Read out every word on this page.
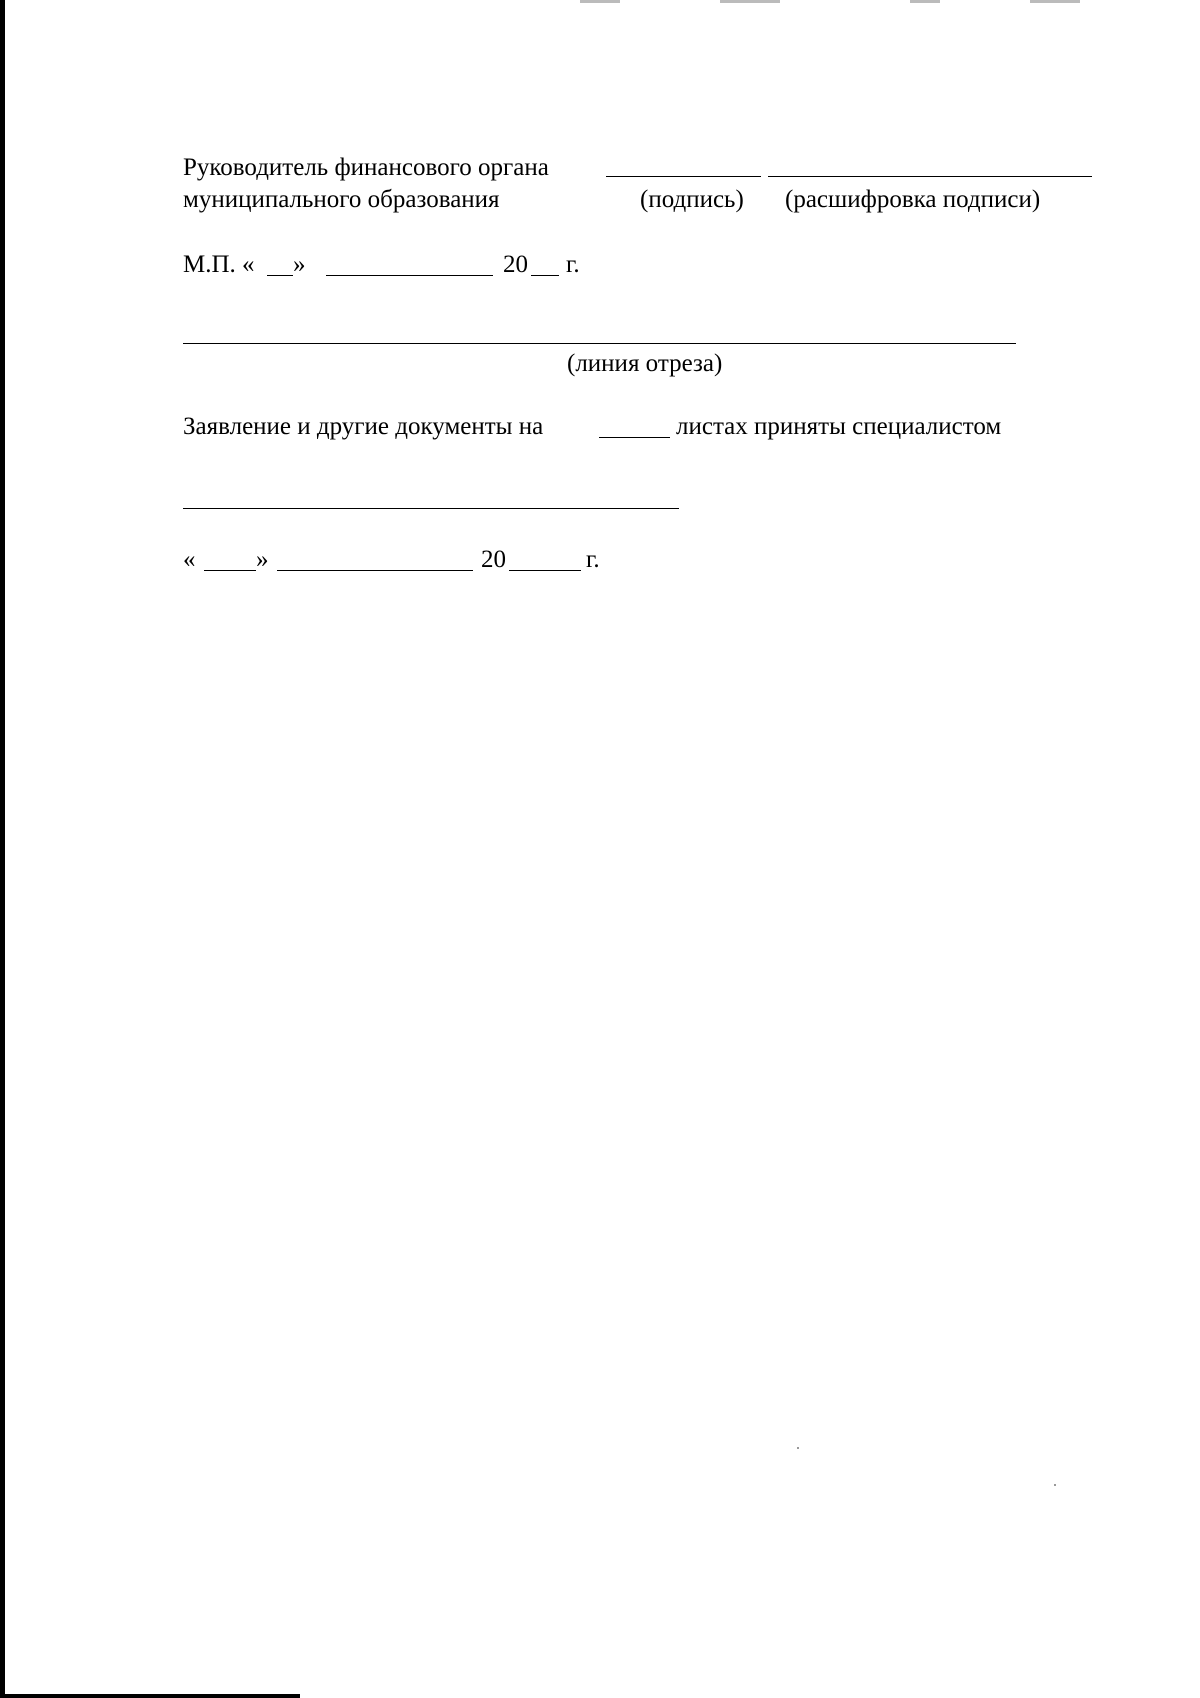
Руководитель финансового органа
муниципального образования	(подпись) (расшифровка подписи)
М.П. « »	20 г.
(линия отреза)
Заявление и другие документы на	листах приняты специалистом
« »	20	г.
